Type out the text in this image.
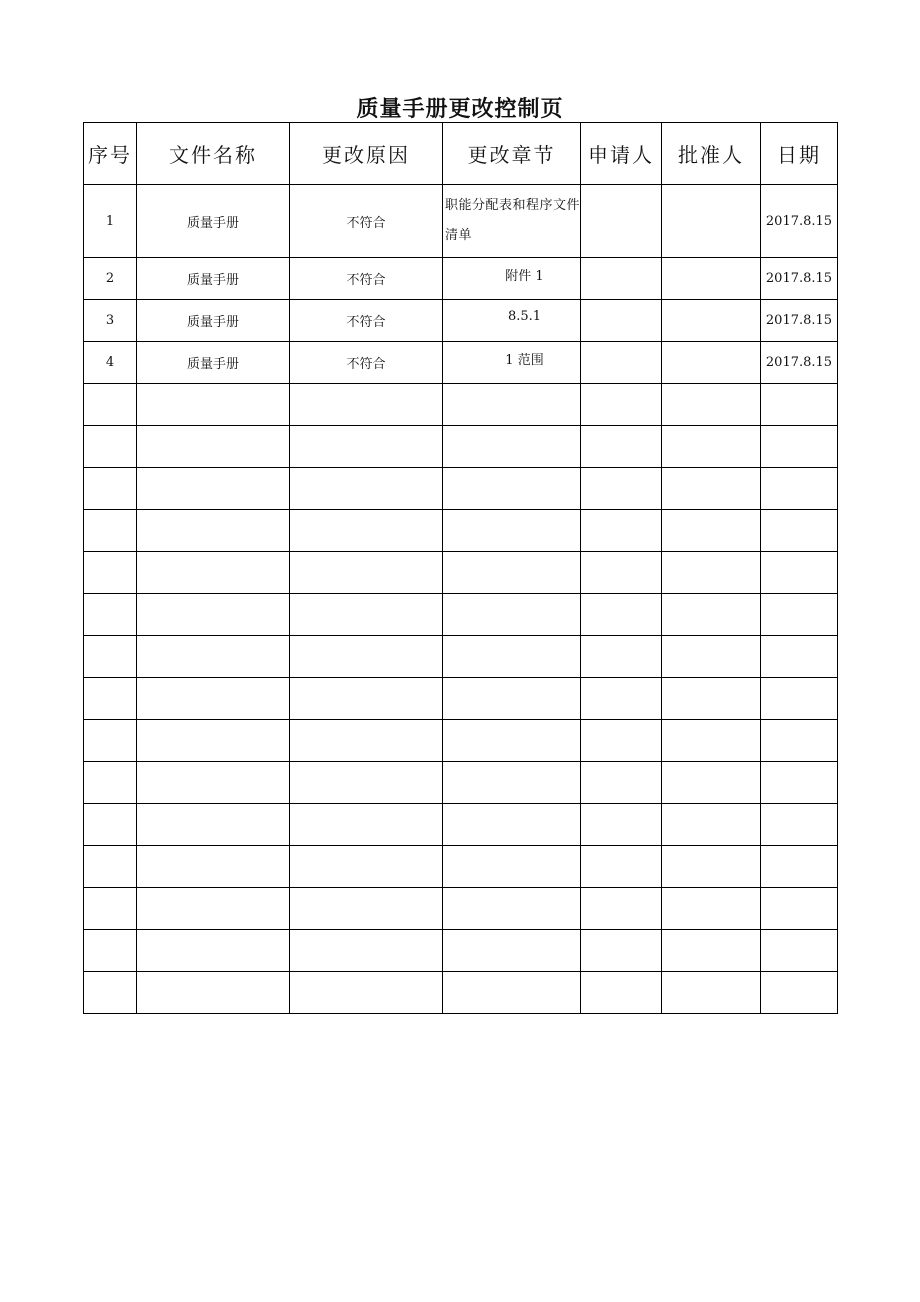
质量手册更改控制页
序号	文件名称	更改原因	更改章节	申请人	批准人	日期
1	质量手册	不符合	职能分配表和程序文件清单			2017.8.15
2	质量手册	不符合	附件 1			2017.8.15
3	质量手册	不符合	8.5.1			2017.8.15
4	质量手册	不符合	1 范围			2017.8.15
